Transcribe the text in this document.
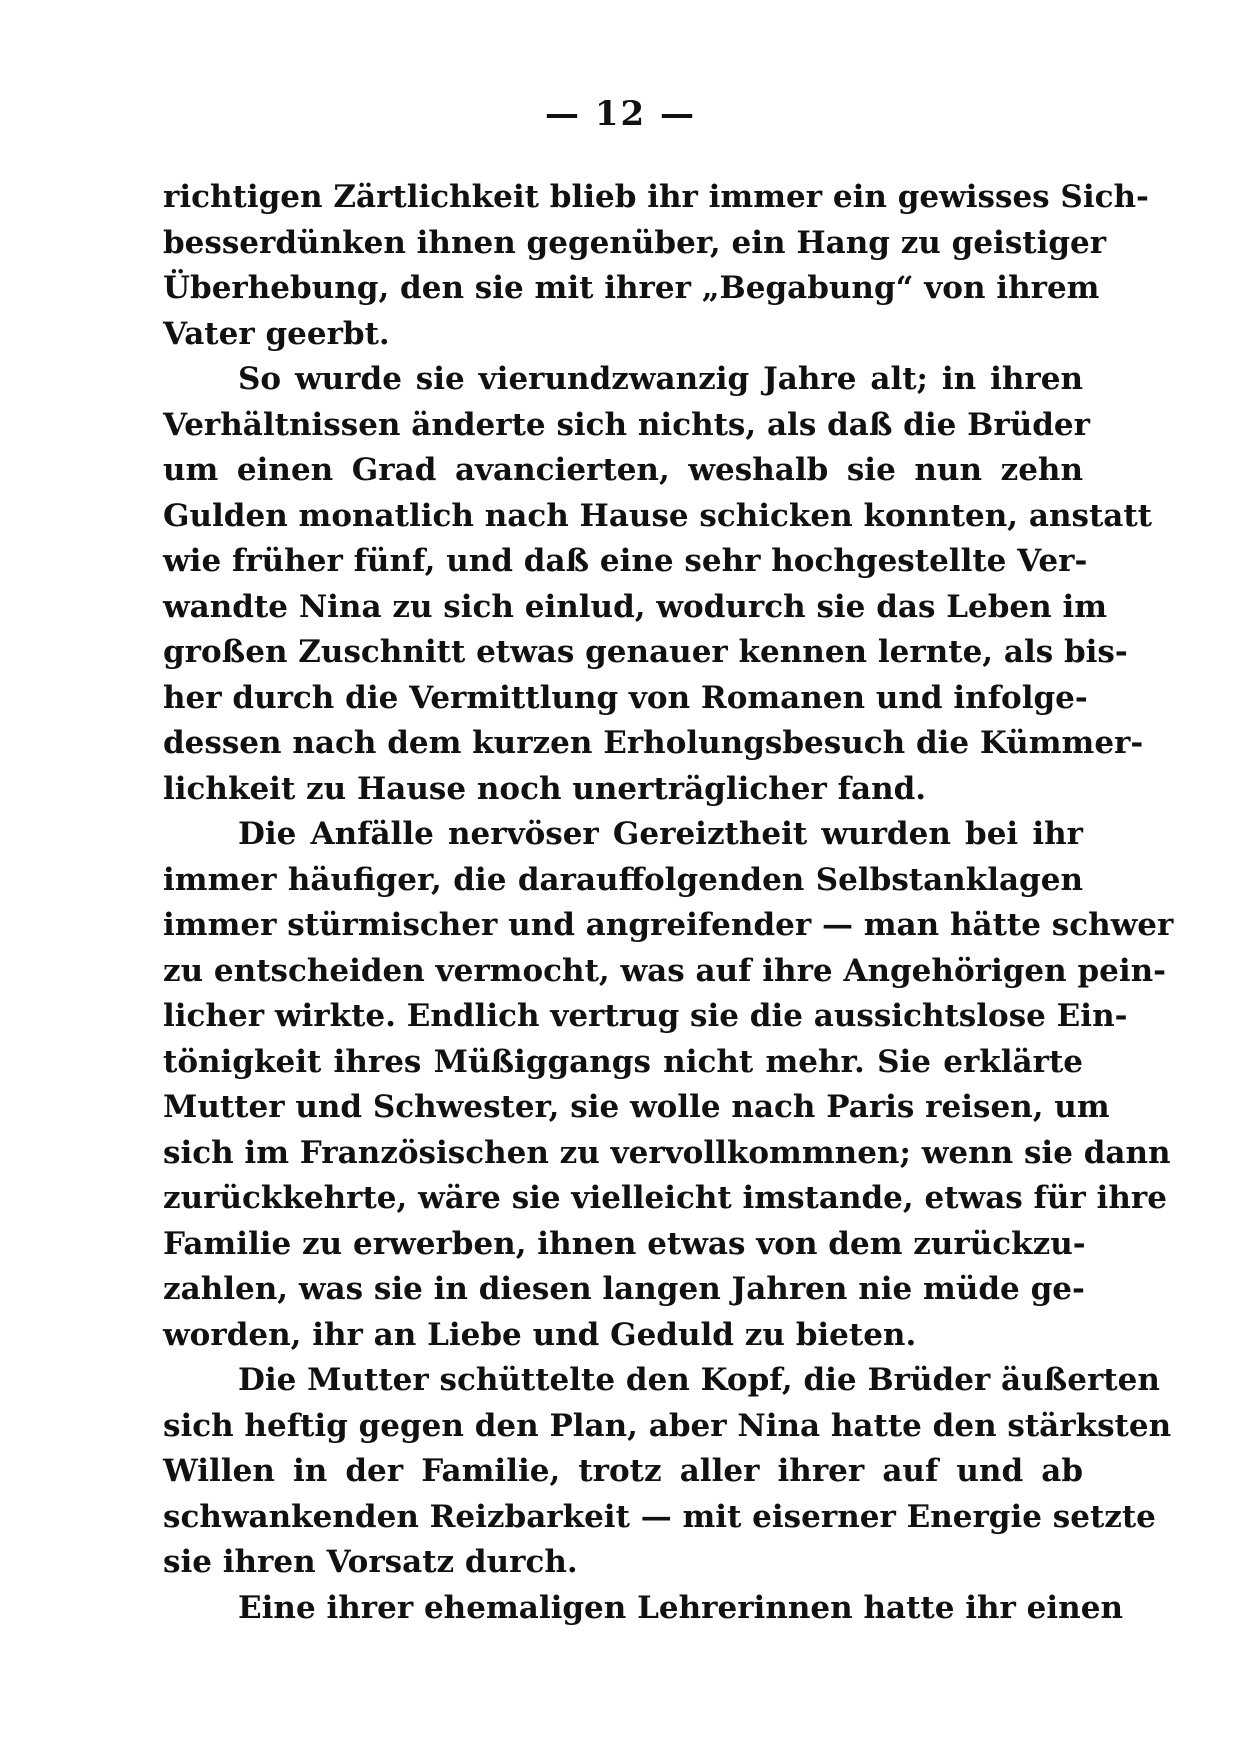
— 12 —
richtigen Zärtlichkeit blieb ihr immer ein gewisses Sich-
besserdünken ihnen gegenüber, ein Hang zu geistiger
Überhebung, den sie mit ihrer „Begabung“ von ihrem
Vater geerbt.
So wurde sie vierundzwanzig Jahre alt; in ihren
Verhältnissen änderte sich nichts, als daß die Brüder
um einen Grad avancierten, weshalb sie nun zehn
Gulden monatlich nach Hause schicken konnten, anstatt
wie früher fünf, und daß eine sehr hochgestellte Ver-
wandte Nina zu sich einlud, wodurch sie das Leben im
großen Zuschnitt etwas genauer kennen lernte, als bis-
her durch die Vermittlung von Romanen und infolge-
dessen nach dem kurzen Erholungsbesuch die Kümmer-
lichkeit zu Hause noch unerträglicher fand.
Die Anfälle nervöser Gereiztheit wurden bei ihr
immer häufiger, die darauffolgenden Selbstanklagen
immer stürmischer und angreifender — man hätte schwer
zu entscheiden vermocht, was auf ihre Angehörigen pein-
licher wirkte. Endlich vertrug sie die aussichtslose Ein-
tönigkeit ihres Müßiggangs nicht mehr. Sie erklärte
Mutter und Schwester, sie wolle nach Paris reisen, um
sich im Französischen zu vervollkommnen; wenn sie dann
zurückkehrte, wäre sie vielleicht imstande, etwas für ihre
Familie zu erwerben, ihnen etwas von dem zurückzu-
zahlen, was sie in diesen langen Jahren nie müde ge-
worden, ihr an Liebe und Geduld zu bieten.
Die Mutter schüttelte den Kopf, die Brüder äußerten
sich heftig gegen den Plan, aber Nina hatte den stärksten
Willen in der Familie, trotz aller ihrer auf und ab
schwankenden Reizbarkeit — mit eiserner Energie setzte
sie ihren Vorsatz durch.
Eine ihrer ehemaligen Lehrerinnen hatte ihr einen
